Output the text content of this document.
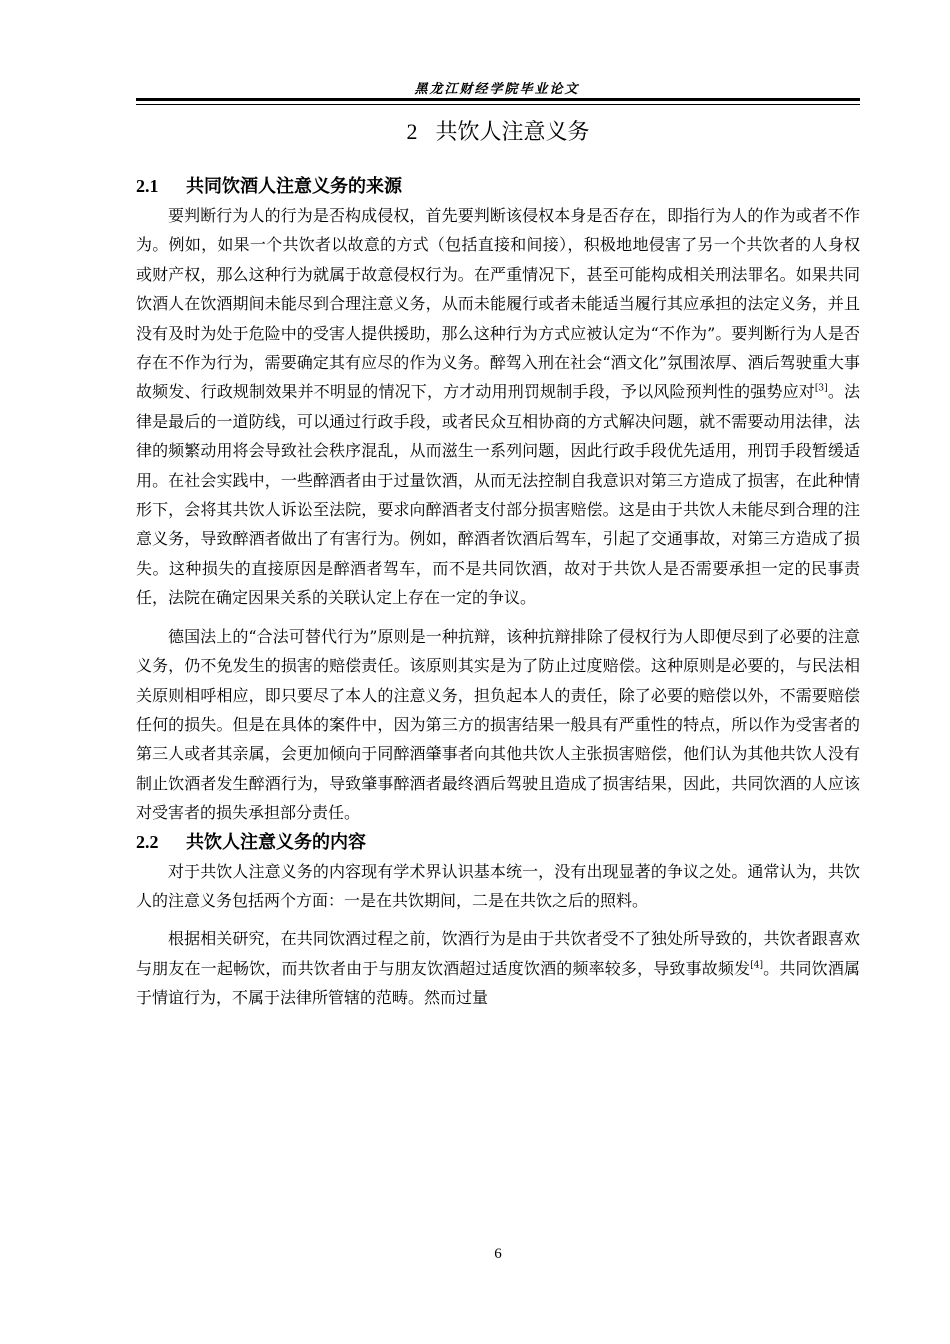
黑龙江财经学院毕业论文
2 共饮人注意义务
2.1 共同饮酒人注意义务的来源

要判断行为人的行为是否构成侵权，首先要判断该侵权本身是否存在，即指行为人的作为或者不作为。例如，如果一个共饮者以故意的方式（包括直接和间接），积极地地侵害了另一个共饮者的人身权或财产权，那么这种行为就属于故意侵权行为。在严重情况下，甚至可能构成相关刑法罪名。如果共同饮酒人在饮酒期间未能尽到合理注意义务，从而未能履行或者未能适当履行其应承担的法定义务，并且没有及时为处于危险中的受害人提供援助，那么这种行为方式应被认定为“不作为”。要判断行为人是否存在不作为行为，需要确定其有应尽的作为义务。醉驾入刑在社会“酒文化”氛围浓厚、酒后驾驶重大事故频发、行政规制效果并不明显的情况下，方才动用刑罚规制手段，予以风险预判性的强势应对[3]。法律是最后的一道防线，可以通过行政手段，或者民众互相协商的方式解决问题，就不需要动用法律，法律的频繁动用将会导致社会秩序混乱，从而滋生一系列问题，因此行政手段优先适用，刑罚手段暂缓适用。在社会实践中，一些醉酒者由于过量饮酒，从而无法控制自我意识对第三方造成了损害，在此种情形下，会将其共饮人诉讼至法院，要求向醉酒者支付部分损害赔偿。这是由于共饮人未能尽到合理的注意义务，导致醉酒者做出了有害行为。例如，醉酒者饮酒后驾车，引起了交通事故，对第三方造成了损失。这种损失的直接原因是醉酒者驾车，而不是共同饮酒，故对于共饮人是否需要承担一定的民事责任，法院在确定因果关系的关联认定上存在一定的争议。

德国法上的“合法可替代行为”原则是一种抗辩，该种抗辩排除了侵权行为人即便尽到了必要的注意义务，仍不免发生的损害的赔偿责任。该原则其实是为了防止过度赔偿。这种原则是必要的，与民法相关原则相呼相应，即只要尽了本人的注意义务，担负起本人的责任，除了必要的赔偿以外，不需要赔偿任何的损失。但是在具体的案件中，因为第三方的损害结果一般具有严重性的特点，所以作为受害者的第三人或者其亲属，会更加倾向于同醉酒肇事者向其他共饮人主张损害赔偿，他们认为其他共饮人没有制止饮酒者发生醉酒行为，导致肇事醉酒者最终酒后驾驶且造成了损害结果，因此，共同饮酒的人应该对受害者的损失承担部分责任。

2.2 共饮人注意义务的内容

对于共饮人注意义务的内容现有学术界认识基本统一，没有出现显著的争议之处。通常认为，共饮人的注意义务包括两个方面：一是在共饮期间，二是在共饮之后的照料。

根据相关研究，在共同饮酒过程之前，饮酒行为是由于共饮者受不了独处所导致的，共饮者跟喜欢与朋友在一起畅饮，而共饮者由于与朋友饮酒超过适度饮酒的频率较多，导致事故频发[4]。共同饮酒属于情谊行为，不属于法律所管辖的范畴。然而过量

6
